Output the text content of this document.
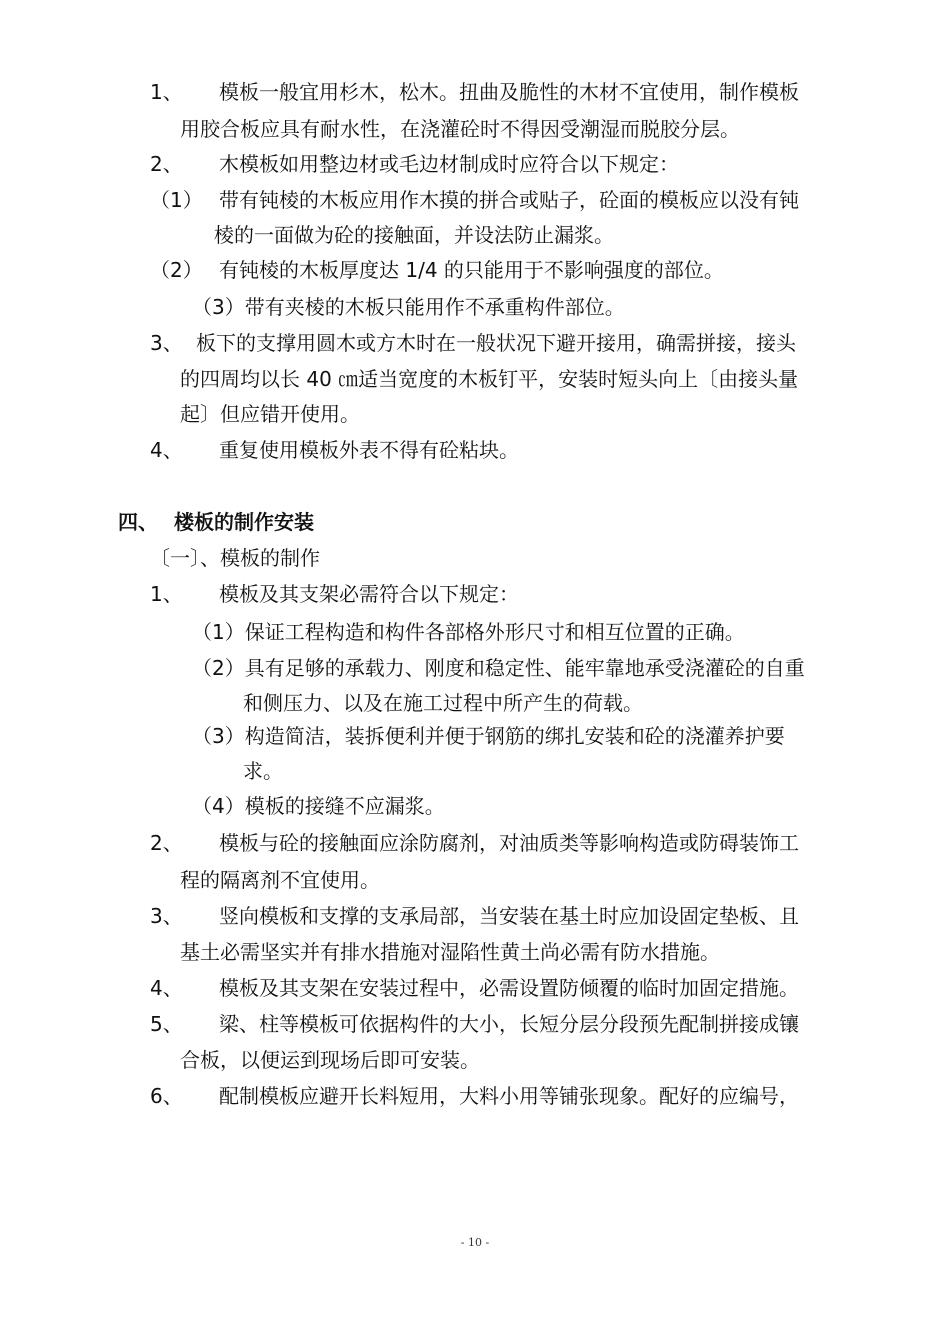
1、 模板一般宜用杉木，松木。扭曲及脆性的木材不宜使用，制作模板
用胶合板应具有耐水性，在浇灌砼时不得因受潮湿而脱胶分层。
2、 木模板如用整边材或毛边材制成时应符合以下规定：
（1） 带有钝棱的木板应用作木摸的拼合或贴子，砼面的模板应以没有钝
棱的一面做为砼的接触面，并设法防止漏浆。
（2） 有钝棱的木板厚度达 1/4 的只能用于不影响强度的部位。
（3）带有夹棱的木板只能用作不承重构件部位。
3、 板下的支撑用圆木或方木时在一般状况下避开接用，确需拼接，接头
的四周均以长 40 ㎝适当宽度的木板钉平，安装时短头向上〔由接头量
起〕但应错开使用。
4、 重复使用模板外表不得有砼粘块。
四、 楼板的制作安装
〔一〕、模板的制作
1、 模板及其支架必需符合以下规定：
（1）保证工程构造和构件各部格外形尺寸和相互位置的正确。
（2）具有足够的承载力、刚度和稳定性、能牢靠地承受浇灌砼的自重
和侧压力、以及在施工过程中所产生的荷载。
（3）构造简洁，装拆便利并便于钢筋的绑扎安装和砼的浇灌养护要
求。
（4）模板的接缝不应漏浆。
2、 模板与砼的接触面应涂防腐剂，对油质类等影响构造或防碍装饰工
程的隔离剂不宜使用。
3、 竖向模板和支撑的支承局部，当安装在基土时应加设固定垫板、且
基土必需坚实并有排水措施对湿陷性黄土尚必需有防水措施。
4、 模板及其支架在安装过程中，必需设置防倾覆的临时加固定措施。
5、 梁、柱等模板可依据构件的大小，长短分层分段预先配制拼接成镶
合板，以便运到现场后即可安装。
6、 配制模板应避开长料短用，大料小用等铺张现象。配好的应编号，
- 10 -
